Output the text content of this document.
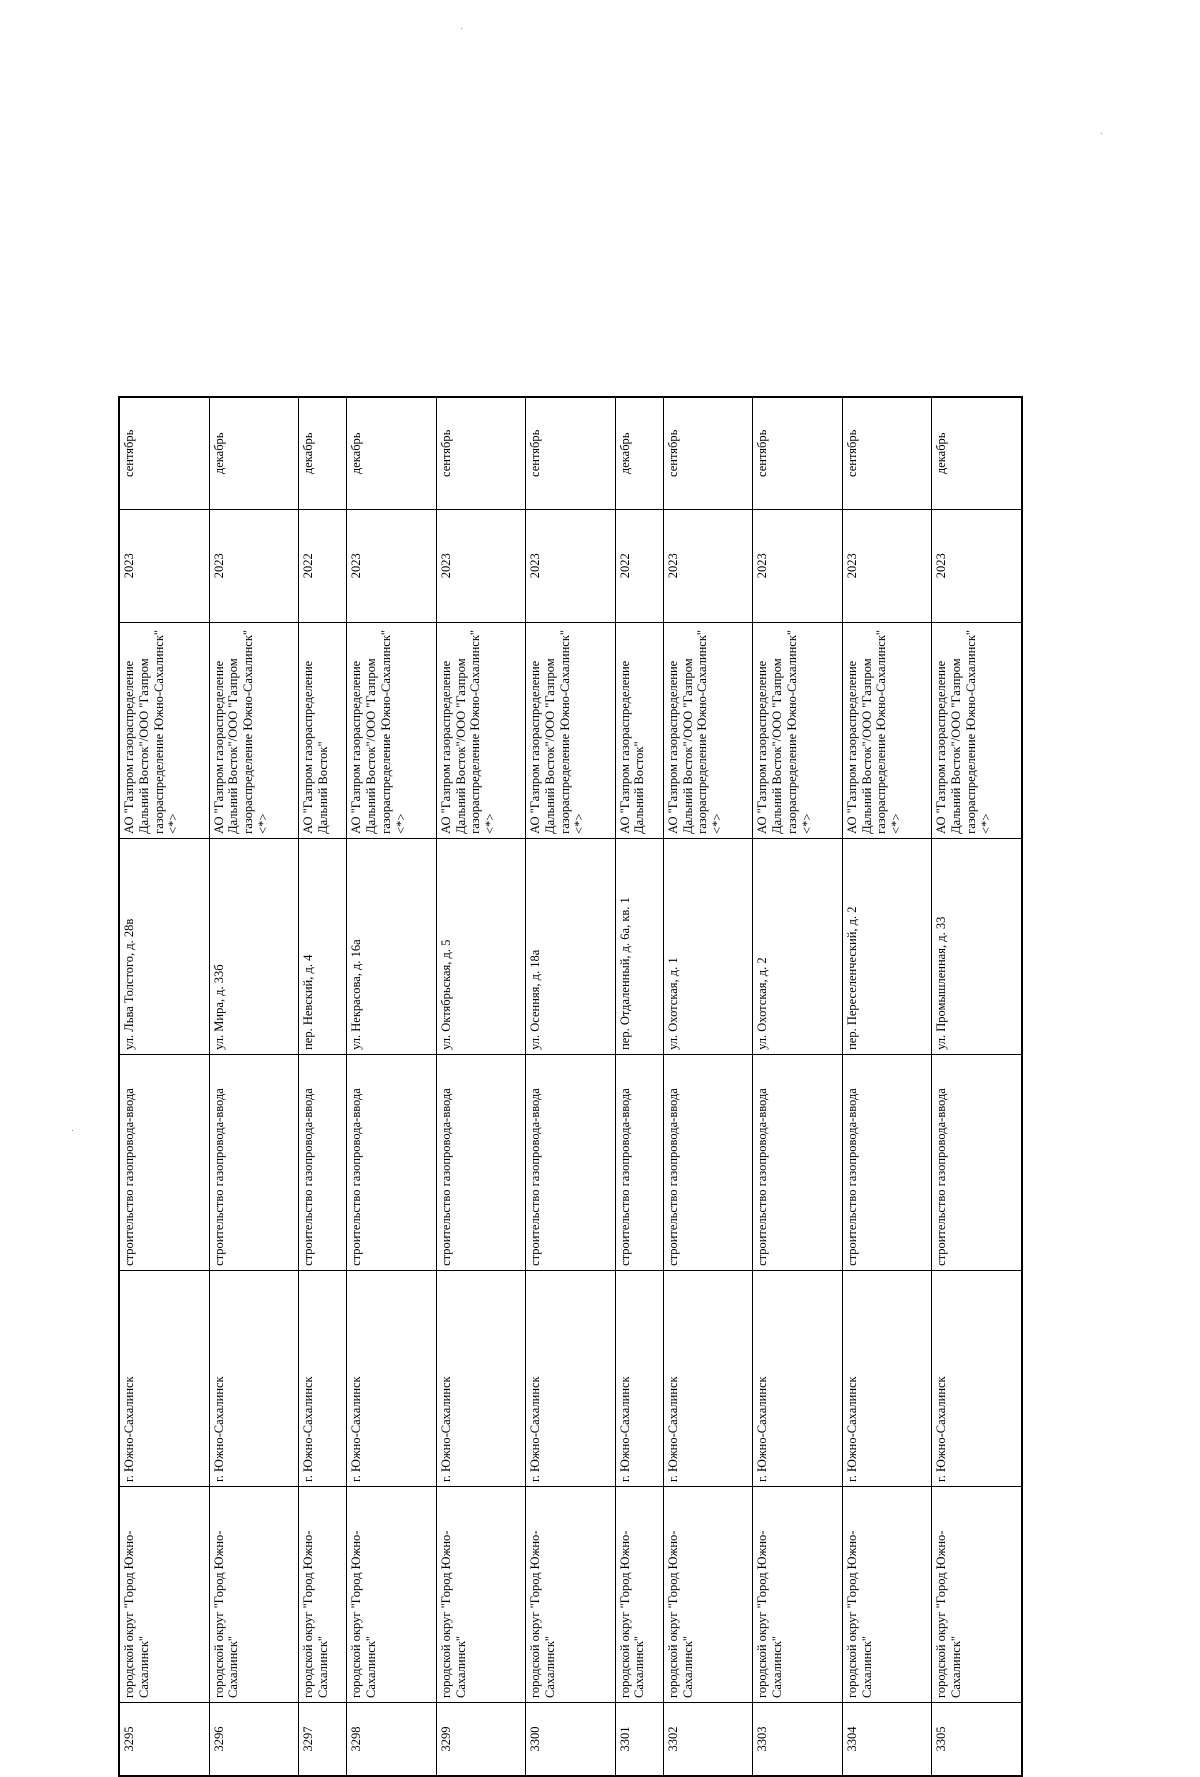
3295	городской округ "Город Южно-Сахалинск"	г. Южно-Сахалинск	строительство газопровода-ввода	ул. Льва Толстого, д. 28в	АО "Газпром газораспределение Дальний Восток"/ООО "Газпром газораспределение Южно-Сахалинск" <*>	2023	сентябрь
3296	городской округ "Город Южно-Сахалинск"	г. Южно-Сахалинск	строительство газопровода-ввода	ул. Мира, д. 33б	АО "Газпром газораспределение Дальний Восток"/ООО "Газпром газораспределение Южно-Сахалинск" <*>	2023	декабрь
3297	городской округ "Город Южно-Сахалинск"	г. Южно-Сахалинск	строительство газопровода-ввода	пер. Невский, д. 4	АО "Газпром газораспределение Дальний Восток"	2022	декабрь
3298	городской округ "Город Южно-Сахалинск"	г. Южно-Сахалинск	строительство газопровода-ввода	ул. Некрасова, д. 16а	АО "Газпром газораспределение Дальний Восток"/ООО "Газпром газораспределение Южно-Сахалинск" <*>	2023	декабрь
3299	городской округ "Город Южно-Сахалинск"	г. Южно-Сахалинск	строительство газопровода-ввода	ул. Октябрьская, д. 5	АО "Газпром газораспределение Дальний Восток"/ООО "Газпром газораспределение Южно-Сахалинск" <*>	2023	сентябрь
3300	городской округ "Город Южно-Сахалинск"	г. Южно-Сахалинск	строительство газопровода-ввода	ул. Осенняя, д. 18а	АО "Газпром газораспределение Дальний Восток"/ООО "Газпром газораспределение Южно-Сахалинск" <*>	2023	сентябрь
3301	городской округ "Город Южно-Сахалинск"	г. Южно-Сахалинск	строительство газопровода-ввода	пер. Отдаленный, д. 6а, кв. 1	АО "Газпром газораспределение Дальний Восток"	2022	декабрь
3302	городской округ "Город Южно-Сахалинск"	г. Южно-Сахалинск	строительство газопровода-ввода	ул. Охотская, д. 1	АО "Газпром газораспределение Дальний Восток"/ООО "Газпром газораспределение Южно-Сахалинск" <*>	2023	сентябрь
3303	городской округ "Город Южно-Сахалинск"	г. Южно-Сахалинск	строительство газопровода-ввода	ул. Охотская, д. 2	АО "Газпром газораспределение Дальний Восток"/ООО "Газпром газораспределение Южно-Сахалинск" <*>	2023	сентябрь
3304	городской округ "Город Южно-Сахалинск"	г. Южно-Сахалинск	строительство газопровода-ввода	пер. Переселенческий, д. 2	АО "Газпром газораспределение Дальний Восток"/ООО "Газпром газораспределение Южно-Сахалинск" <*>	2023	сентябрь
3305	городской округ "Город Южно-Сахалинск"	г. Южно-Сахалинск	строительство газопровода-ввода	ул. Промышленная, д. 33	АО "Газпром газораспределение Дальний Восток"/ООО "Газпром газораспределение Южно-Сахалинск" <*>	2023	декабрь
